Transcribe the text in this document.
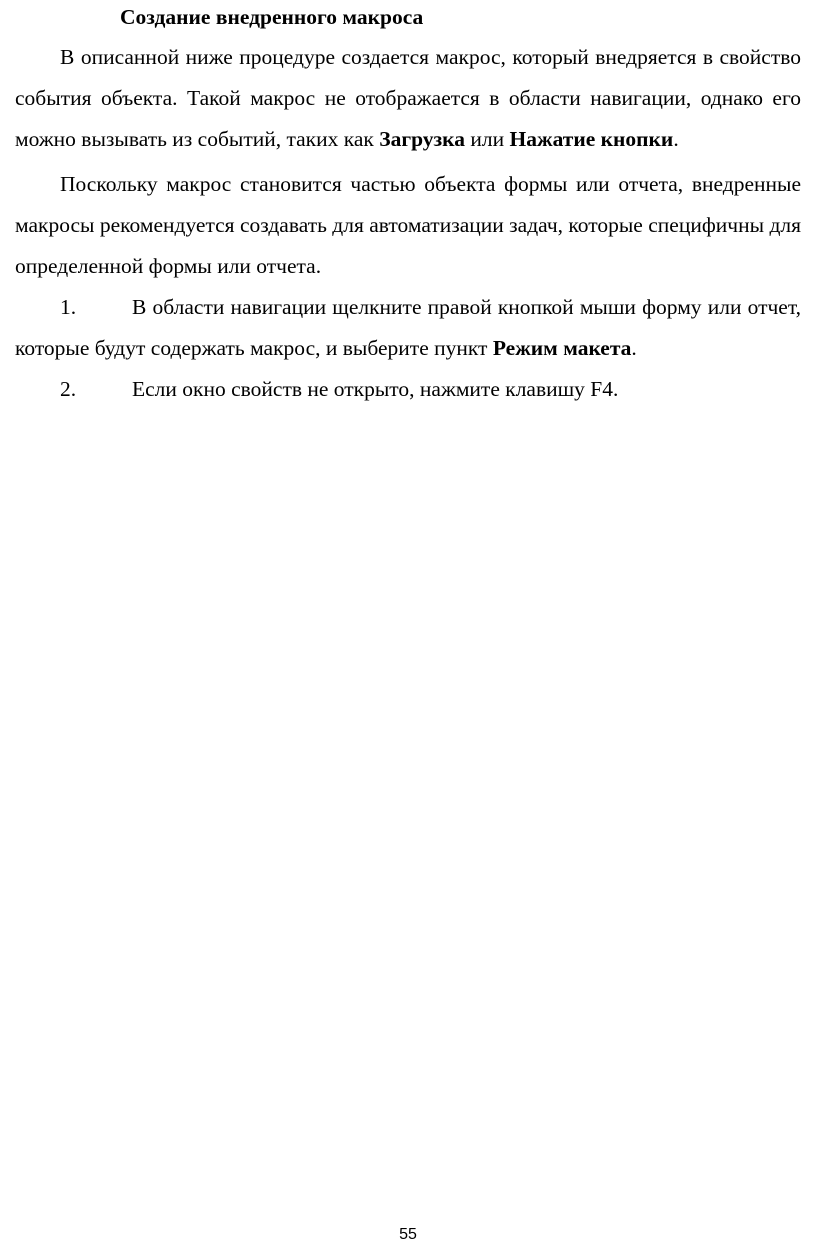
Создание внедренного макроса

В описанной ниже процедуре создается макрос, который внедряется в свойство события объекта. Такой макрос не отображается в области навигации, однако его можно вызывать из событий, таких как Загрузка или Нажатие кнопки.

Поскольку макрос становится частью объекта формы или отчета, внедренные макросы рекомендуется создавать для автоматизации задач, которые специфичны для определенной формы или отчета.

1.	В области навигации щелкните правой кнопкой мыши форму или отчет, которые будут содержать макрос, и выберите пункт Режим макета.

2.	Если окно свойств не открыто, нажмите клавишу F4.

55
